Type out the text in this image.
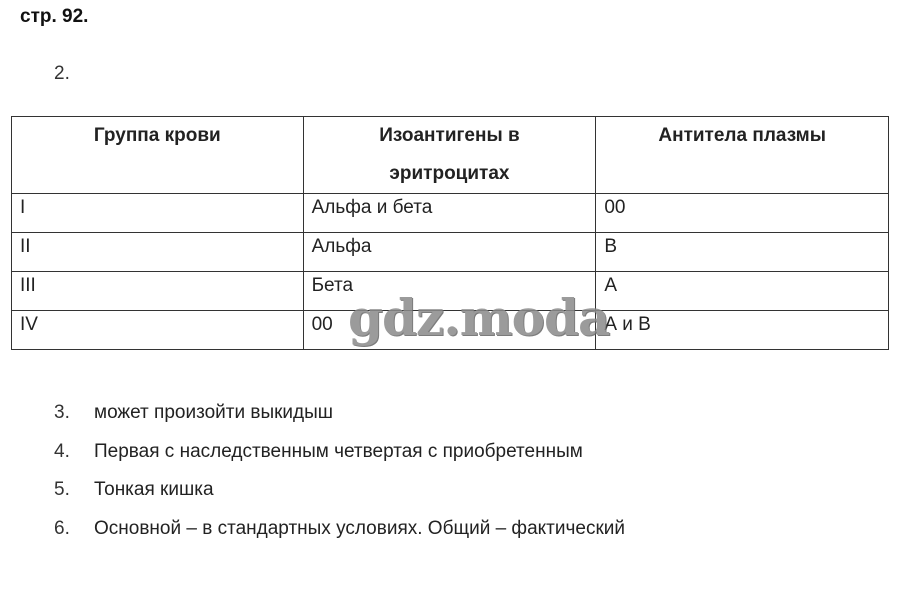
стр. 92.
2.
Группа крови	Изоантигены в эритроцитах	Антитела плазмы

I	Альфа и бета	00
II	Альфа	В
III	Бета	А
IV	00	А и В
3.	может произойти выкидыш
4.	Первая с наследственным четвертая с приобретенным
5.	Тонкая кишка
6.	Основной – в стандартных условиях. Общий – фактический
gdz.moda
